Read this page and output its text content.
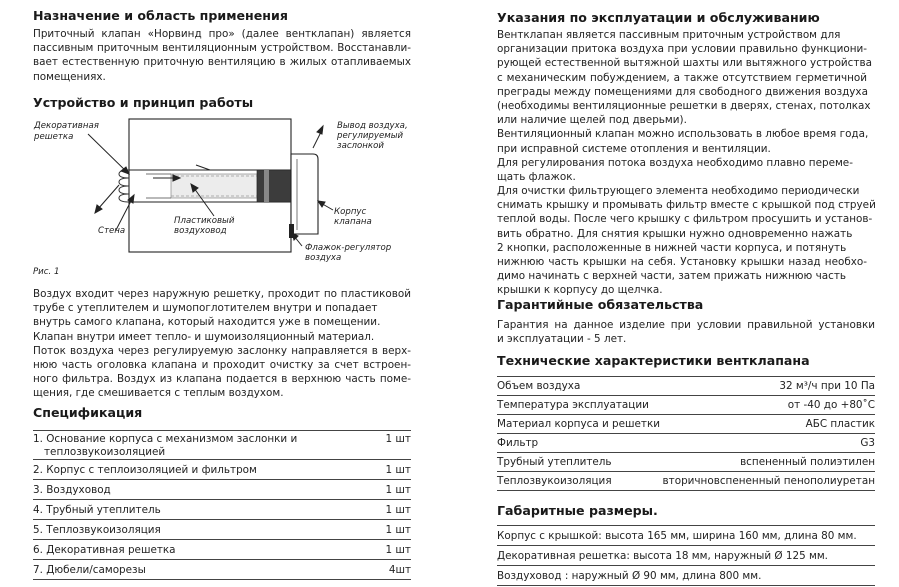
Назначение и область применения
Приточный клапан «Норвинд про» (далее вентклапан) является
пассивным приточным вентиляционным устройством. Восстанавли-
вает естественную приточную вентиляцию в жилых отапливаемых
помещениях.
Устройство и принцип работы
Декоративная
решетка
Вывод воздуха,
регулируемый
заслонкой
Корпус
клапана
Пластиковый
воздуховод
Стена
Флажок-регулятор
воздуха
Рис. 1
Воздух входит через наружную решетку, проходит по пластиковой
трубе с утеплителем и шумопоглотителем внутри и попадает
внутрь самого клапана, который находится уже в помещении.
Клапан внутри имеет тепло- и шумоизоляционный материал.
Поток воздуха через регулируемую заслонку направляется в верх-
нюю часть оголовка клапана и проходит очистку за счет встроен-
ного фильтра. Воздух из клапана подается в верхнюю часть поме-
щения, где смешивается с теплым воздухом.
Спецификация
1. Основание корпуса с механизмом заслонки и
теплозвукоизоляцией	1 шт
2. Корпус с теплоизоляцией и фильтром	1 шт
3. Воздуховод	1 шт
4. Трубный утеплитель	1 шт
5. Теплозвукоизоляция	1 шт
6. Декоративная решетка	1 шт
7. Дюбели/саморезы	4шт
Указания по эксплуатации и обслуживанию
Вентклапан является пассивным приточным устройством для
организации притока воздуха при условии правильно функциони-
рующей естественной вытяжной шахты или вытяжного устройства
с механическим побуждением, а также отсутствием герметичной
преграды между помещениями для свободного движения воздуха
(необходимы вентиляционные решетки в дверях, стенах, потолках
или наличие щелей под дверьми).
Вентиляционный клапан можно использовать в любое время года,
при исправной системе отопления и вентиляции.
Для регулирования потока воздуха необходимо плавно переме-
щать флажок.
Для очистки фильтрующего элемента необходимо периодически
снимать крышку и промывать фильтр вместе с крышкой под струей
теплой воды. После чего крышку с фильтром просушить и установ-
вить обратно. Для снятия крышки нужно одновременно нажать
2 кнопки, расположенные в нижней части корпуса, и потянуть
нижнюю часть крышки на себя. Установку крышки назад необхо-
димо начинать с верхней части, затем прижать нижнюю часть
крышки к корпусу до щелчка.
Гарантийные обязательства
Гарантия на данное изделие при условии правильной установки
и эксплуатации - 5 лет.
Технические характеристики вентклапана
Объем воздуха	32 м³/ч при 10 Па
Температура эксплуатации	от -40 до +80˚С
Материал корпуса и решетки	АБС пластик
Фильтр	G3
Трубный утеплитель	вспененный полиэтилен
Теплозвукоизоляция	вторичновспененный пенополиуретан
Габаритные размеры.
Корпус с крышкой: высота 165 мм, ширина 160 мм, длина 80 мм.
Декоративная решетка: высота 18 мм, наружный Ø 125 мм.
Воздуховод : наружный Ø 90 мм, длина 800 мм.
